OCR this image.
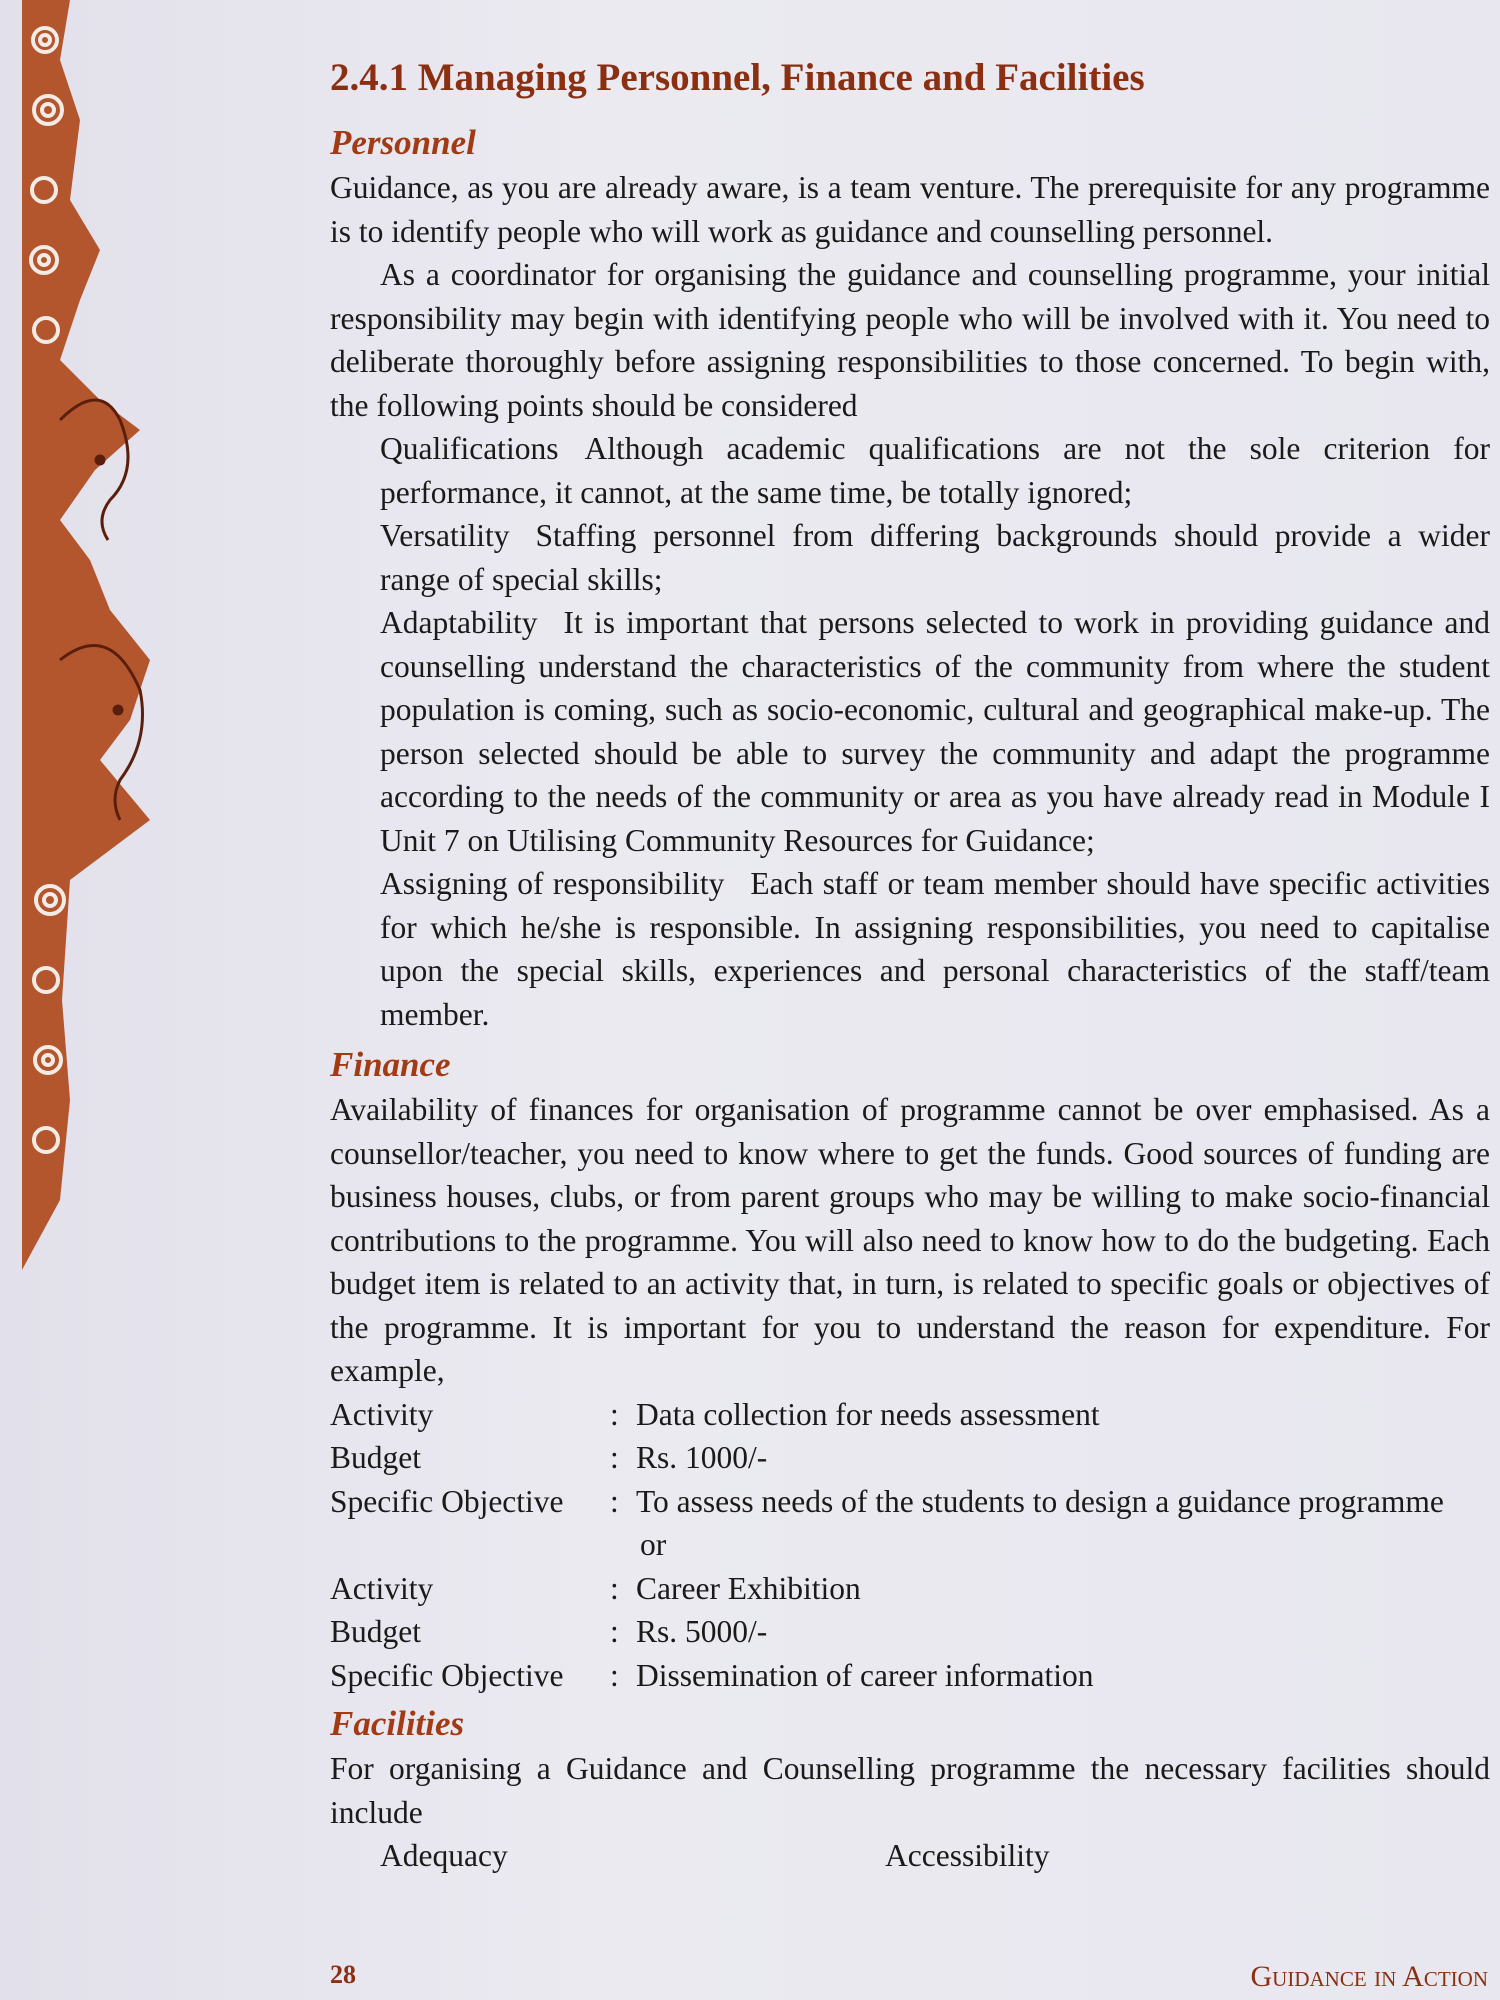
2.4.1 Managing Personnel, Finance and Facilities
Personnel

Guidance, as you are already aware, is a team venture. The prerequisite for any programme is to identify people who will work as guidance and counselling personnel.

As a coordinator for organising the guidance and counselling programme, your initial responsibility may begin with identifying people who will be involved with it. You need to deliberate thoroughly before assigning responsibilities to those concerned. To begin with, the following points should be considered

Qualifications Although academic qualifications are not the sole criterion for performance, it cannot, at the same time, be totally ignored;

Versatility Staffing personnel from differing backgrounds should provide a wider range of special skills;

Adaptability It is important that persons selected to work in providing guidance and counselling understand the characteristics of the community from where the student population is coming, such as socio-economic, cultural and geographical make-up. The person selected should be able to survey the community and adapt the programme according to the needs of the community or area as you have already read in Module I Unit 7 on Utilising Community Resources for Guidance;

Assigning of responsibility Each staff or team member should have specific activities for which he/she is responsible. In assigning responsibilities, you need to capitalise upon the special skills, experiences and personal characteristics of the staff/team member.

Finance

Availability of finances for organisation of programme cannot be over emphasised. As a counsellor/teacher, you need to know where to get the funds. Good sources of funding are business houses, clubs, or from parent groups who may be willing to make socio-financial contributions to the programme. You will also need to know how to do the budgeting. Each budget item is related to an activity that, in turn, is related to specific goals or objectives of the programme. It is important for you to understand the reason for expenditure. For example,

Activity	: Data collection for needs assessment
Budget	: Rs. 1000/-
Specific Objective	: To assess needs of the students to design a guidance programme
or
Activity	: Career Exhibition
Budget	: Rs. 5000/-
Specific Objective	: Dissemination of career information
Facilities

For organising a Guidance and Counselling programme the necessary facilities should include

Adequacy	Accessibility
28	Guidance in Action
